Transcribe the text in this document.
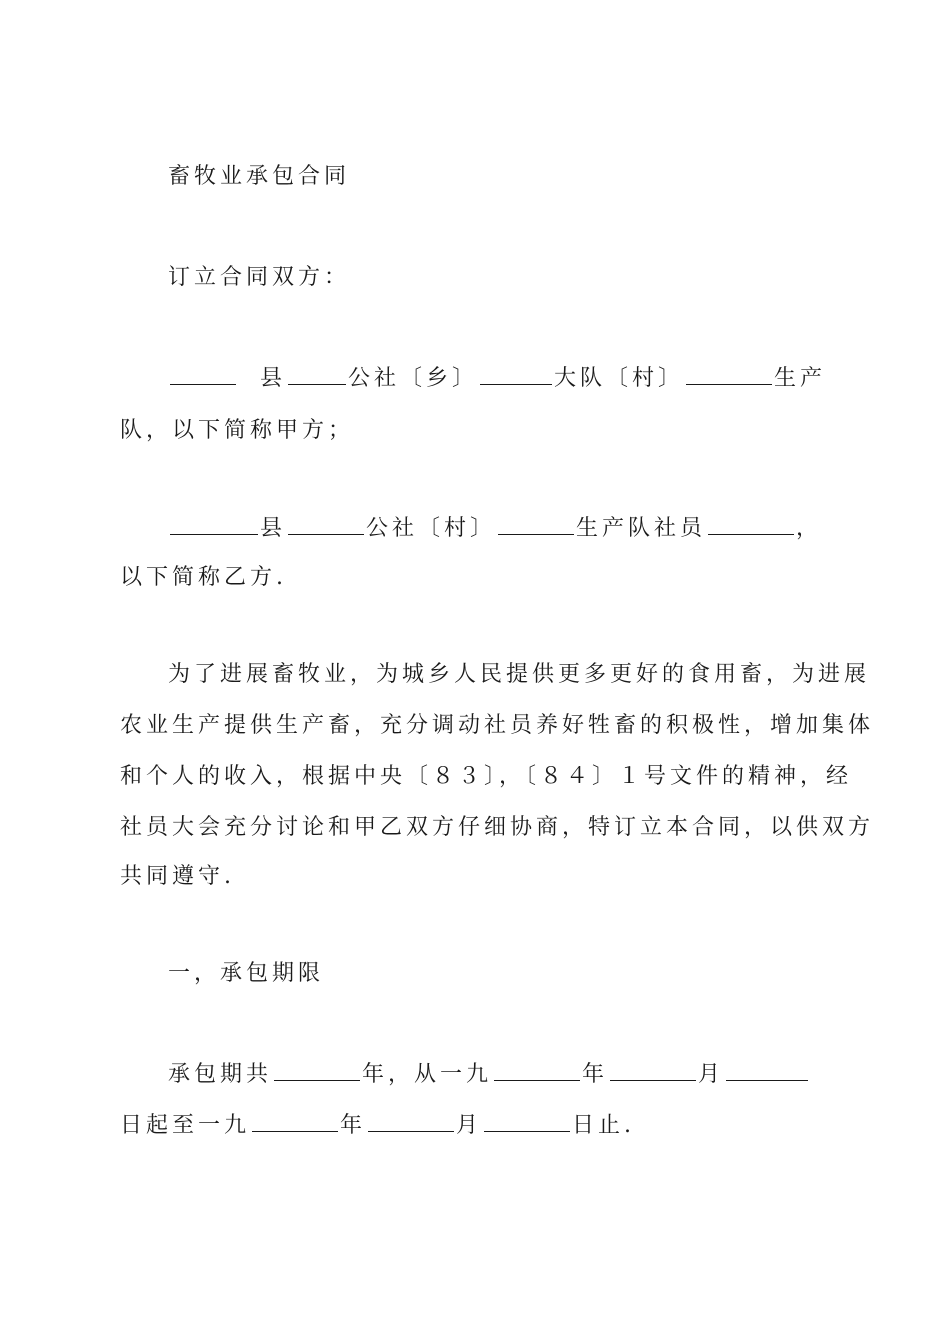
畜牧业承包合同
订立合同双方：
县	公社〔乡〕	大队〔村〕	生产
队，以下简称甲方；
县	公社〔村〕	生产队社员	，
以下简称乙方.
为了进展畜牧业，为城乡人民提供更多更好的食用畜，为进展
农业生产提供生产畜，充分调动社员养好牲畜的积极性，增加集体
和个人的收入，根据中央〔８３〕，〔８４〕１号文件的精神，经
社员大会充分讨论和甲乙双方仔细协商，特订立本合同，以供双方
共同遵守.
一，承包期限
承包期共	年，从一九	年	月
日起至一九	年	月	日止.
